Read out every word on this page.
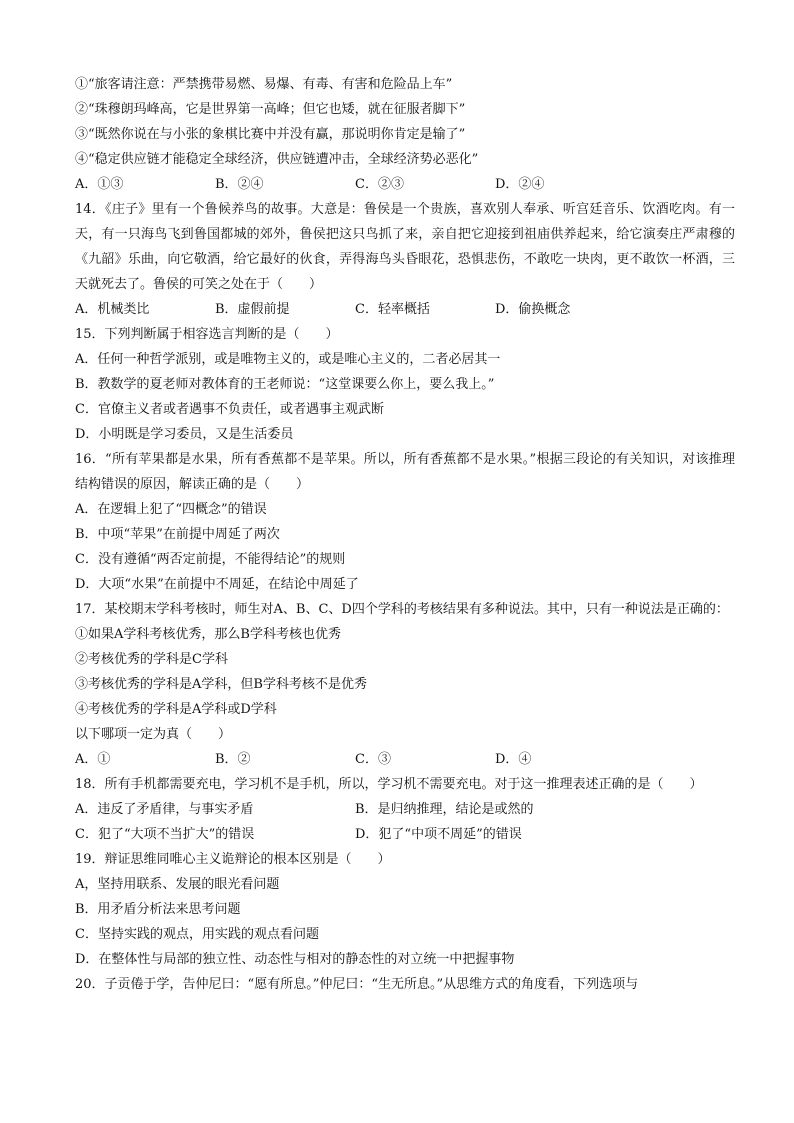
①“旅客请注意：严禁携带易燃、易爆、有毒、有害和危险品上车”
②“珠穆朗玛峰高，它是世界第一高峰；但它也矮，就在征服者脚下”
③“既然你说在与小张的象棋比赛中并没有赢，那说明你肯定是输了”
④“稳定供应链才能稳定全球经济，供应链遭冲击，全球经济势必恶化”
A．①③	B．②④	C．②③	D．②④
14．《庄子》里有一个鲁候养鸟的故事。大意是：鲁侯是一个贵族，喜欢别人奉承、听宫廷音乐、饮酒吃肉。有一天，有一只海鸟飞到鲁国都城的郊外，鲁侯把这只鸟抓了来，亲自把它迎接到祖庙供养起来，给它演奏庄严肃穆的《九韶》乐曲，向它敬酒，给它最好的伙食，弄得海鸟头昏眼花，恐惧悲伤，不敢吃一块肉，更不敢饮一杯酒，三天就死去了。鲁侯的可笑之处在于（　　）
A．机械类比	B．虚假前提	C．轻率概括	D．偷换概念
15．下列判断属于相容选言判断的是（　　）
A．任何一种哲学派别，或是唯物主义的，或是唯心主义的，二者必居其一
B．教数学的夏老师对教体育的王老师说：“这堂课要么你上，要么我上。”
C．官僚主义者或者遇事不负责任，或者遇事主观武断
D．小明既是学习委员，又是生活委员
16．“所有苹果都是水果，所有香蕉都不是苹果。所以，所有香蕉都不是水果。”根据三段论的有关知识，对该推理结构错误的原因，解读正确的是（　　）
A．在逻辑上犯了“四概念”的错误
B．中项“苹果”在前提中周延了两次
C．没有遵循“两否定前提，不能得结论”的规则
D．大项“水果”在前提中不周延，在结论中周延了
17．某校期末学科考核时，师生对A、B、C、D四个学科的考核结果有多种说法。其中，只有一种说法是正确的：
①如果A学科考核优秀，那么B学科考核也优秀
②考核优秀的学科是C学科
③考核优秀的学科是A学科，但B学科考核不是优秀
④考核优秀的学科是A学科或D学科
以下哪项一定为真（　　）
A．①	B．②	C．③	D．④
18．所有手机都需要充电，学习机不是手机，所以，学习机不需要充电。对于这一推理表述正确的是（　　）
A．违反了矛盾律，与事实矛盾	B．是归纳推理，结论是或然的
C．犯了“大项不当扩大”的错误	D．犯了“中项不周延”的错误
19．辩证思维同唯心主义诡辩论的根本区别是（　　）
A，坚持用联系、发展的眼光看问题
B．用矛盾分析法来思考问题
C．坚持实践的观点，用实践的观点看问题
D．在整体性与局部的独立性、动态性与相对的静态性的对立统一中把握事物
20．子贡倦于学，告仲尼曰：“愿有所息。”仲尼曰：“生无所息。”从思维方式的角度看，下列选项与
